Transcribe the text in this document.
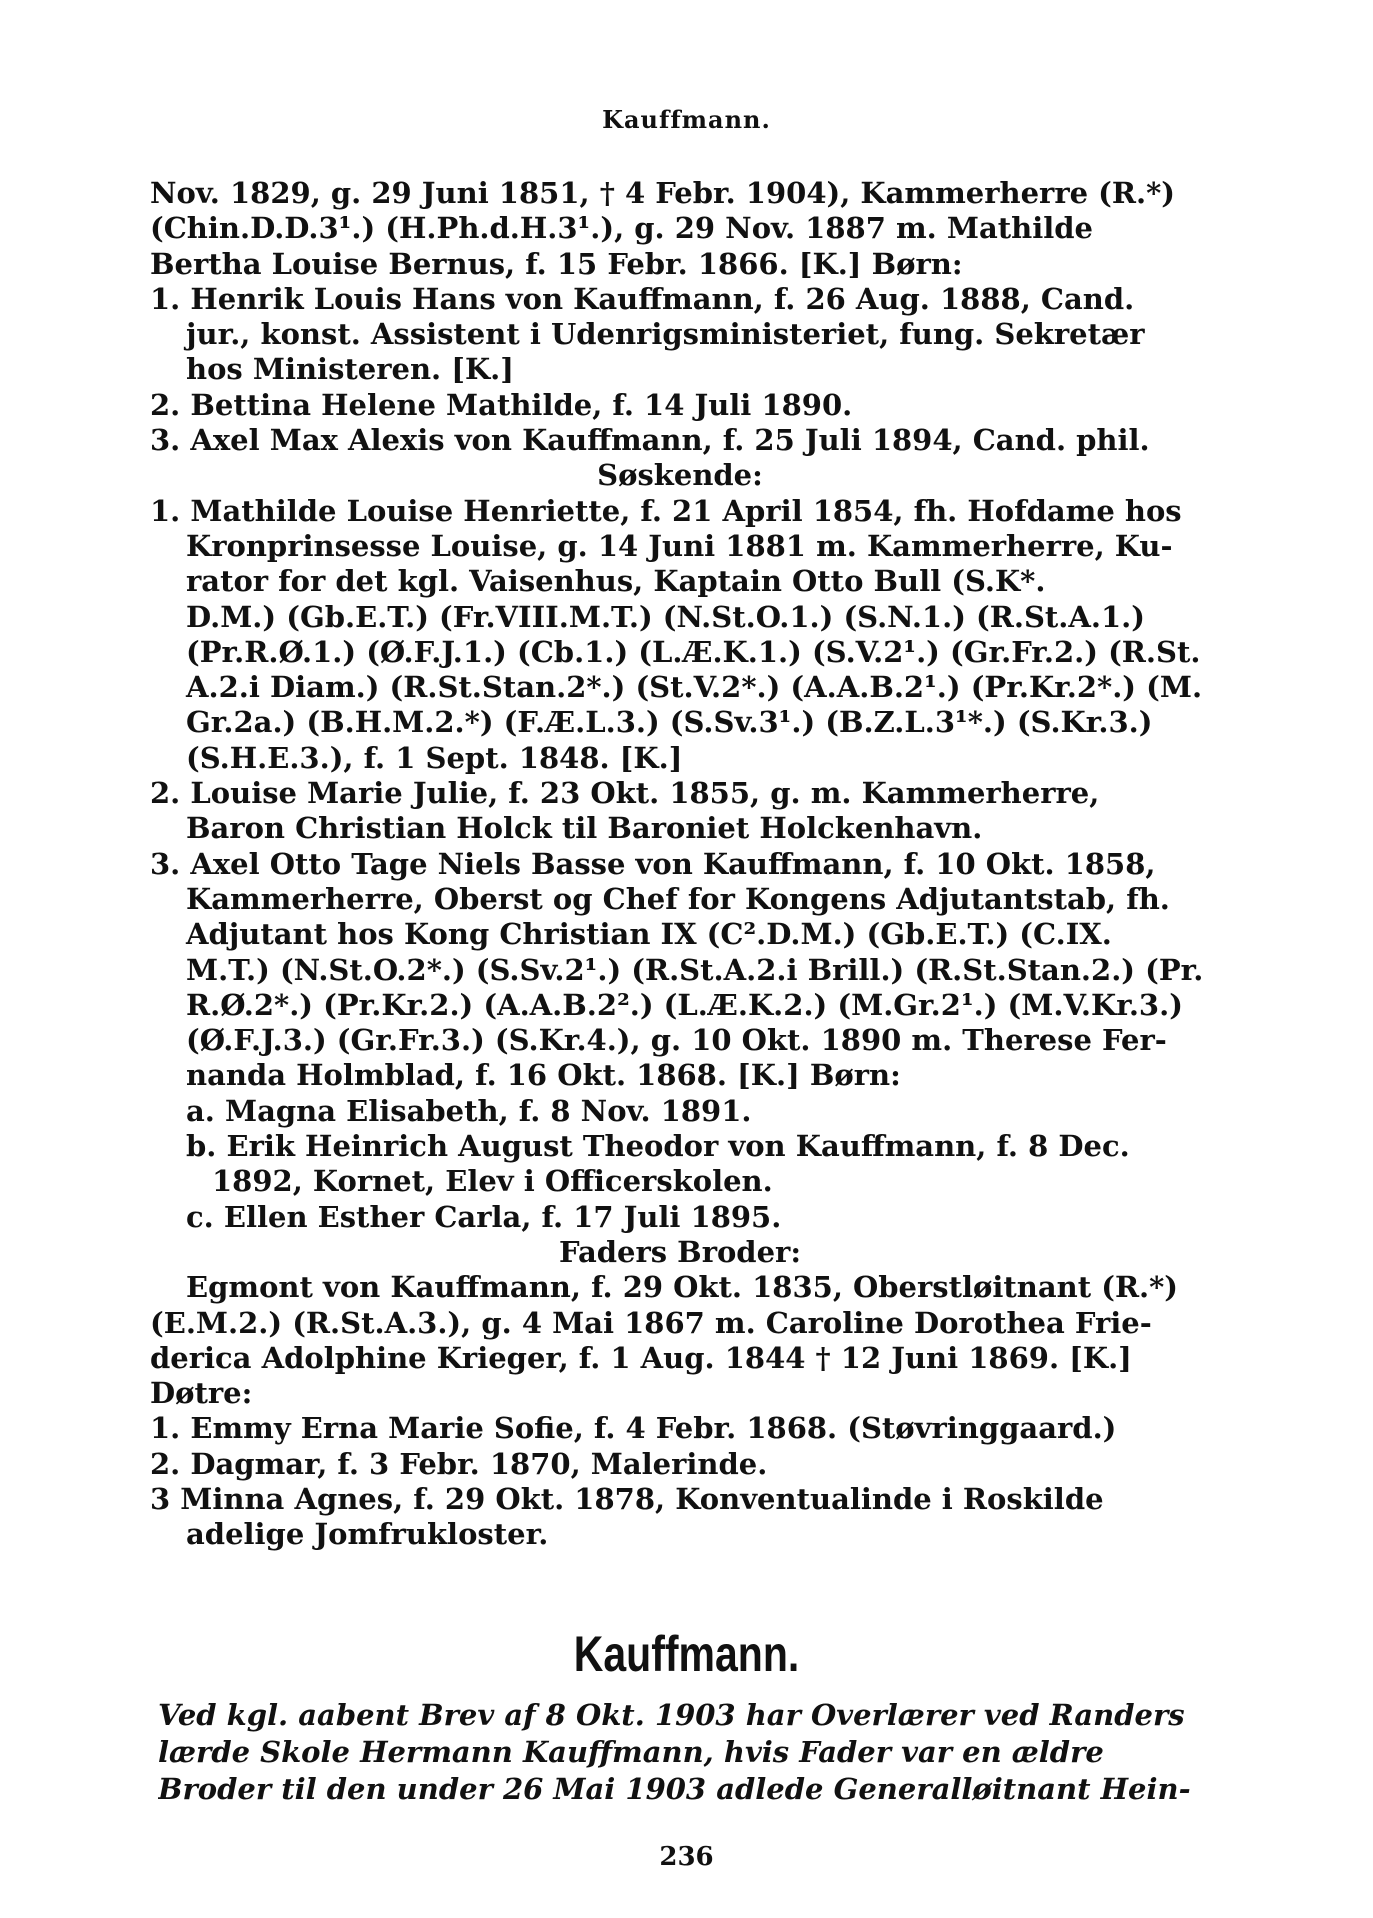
Kauffmann.
Nov. 1829, g. 29 Juni 1851, † 4 Febr. 1904), Kammerherre (R.*)
(Chin.D.D.3¹.) (H.Ph.d.H.3¹.), g. 29 Nov. 1887 m. Mathilde
Bertha Louise Bernus, f. 15 Febr. 1866. [K.] Børn:
1. Henrik Louis Hans von Kauffmann, f. 26 Aug. 1888, Cand.
jur., konst. Assistent i Udenrigsministeriet, fung. Sekretær
hos Ministeren. [K.]
2. Bettina Helene Mathilde, f. 14 Juli 1890.
3. Axel Max Alexis von Kauffmann, f. 25 Juli 1894, Cand. phil.
Søskende:
1. Mathilde Louise Henriette, f. 21 April 1854, fh. Hofdame hos
Kronprinsesse Louise, g. 14 Juni 1881 m. Kammerherre, Ku-
rator for det kgl. Vaisenhus, Kaptain Otto Bull (S.K*.
D.M.) (Gb.E.T.) (Fr.VIII.M.T.) (N.St.O.1.) (S.N.1.) (R.St.A.1.)
(Pr.R.Ø.1.) (Ø.F.J.1.) (Cb.1.) (L.Æ.K.1.) (S.V.2¹.) (Gr.Fr.2.) (R.St.
A.2.i Diam.) (R.St.Stan.2*.) (St.V.2*.) (A.A.B.2¹.) (Pr.Kr.2*.) (M.
Gr.2a.) (B.H.M.2.*) (F.Æ.L.3.) (S.Sv.3¹.) (B.Z.L.3¹*.) (S.Kr.3.)
(S.H.E.3.), f. 1 Sept. 1848. [K.]
2. Louise Marie Julie, f. 23 Okt. 1855, g. m. Kammerherre,
Baron Christian Holck til Baroniet Holckenhavn.
3. Axel Otto Tage Niels Basse von Kauffmann, f. 10 Okt. 1858,
Kammerherre, Oberst og Chef for Kongens Adjutantstab, fh.
Adjutant hos Kong Christian IX (C².D.M.) (Gb.E.T.) (C.IX.
M.T.) (N.St.O.2*.) (S.Sv.2¹.) (R.St.A.2.i Brill.) (R.St.Stan.2.) (Pr.
R.Ø.2*.) (Pr.Kr.2.) (A.A.B.2².) (L.Æ.K.2.) (M.Gr.2¹.) (M.V.Kr.3.)
(Ø.F.J.3.) (Gr.Fr.3.) (S.Kr.4.), g. 10 Okt. 1890 m. Therese Fer-
nanda Holmblad, f. 16 Okt. 1868. [K.] Børn:
a. Magna Elisabeth, f. 8 Nov. 1891.
b. Erik Heinrich August Theodor von Kauffmann, f. 8 Dec.
1892, Kornet, Elev i Officerskolen.
c. Ellen Esther Carla, f. 17 Juli 1895.
Faders Broder:
Egmont von Kauffmann, f. 29 Okt. 1835, Oberstløitnant (R.*)
(E.M.2.) (R.St.A.3.), g. 4 Mai 1867 m. Caroline Dorothea Frie-
derica Adolphine Krieger, f. 1 Aug. 1844 † 12 Juni 1869. [K.]
Døtre:
1. Emmy Erna Marie Sofie, f. 4 Febr. 1868. (Støvringgaard.)
2. Dagmar, f. 3 Febr. 1870, Malerinde.
3 Minna Agnes, f. 29 Okt. 1878, Konventualinde i Roskilde
adelige Jomfrukloster.
Kauffmann.
Ved kgl. aabent Brev af 8 Okt. 1903 har Overlærer ved Randers
lærde Skole Hermann Kauffmann, hvis Fader var en ældre
Broder til den under 26 Mai 1903 adlede Generalløitnant Hein-
236
